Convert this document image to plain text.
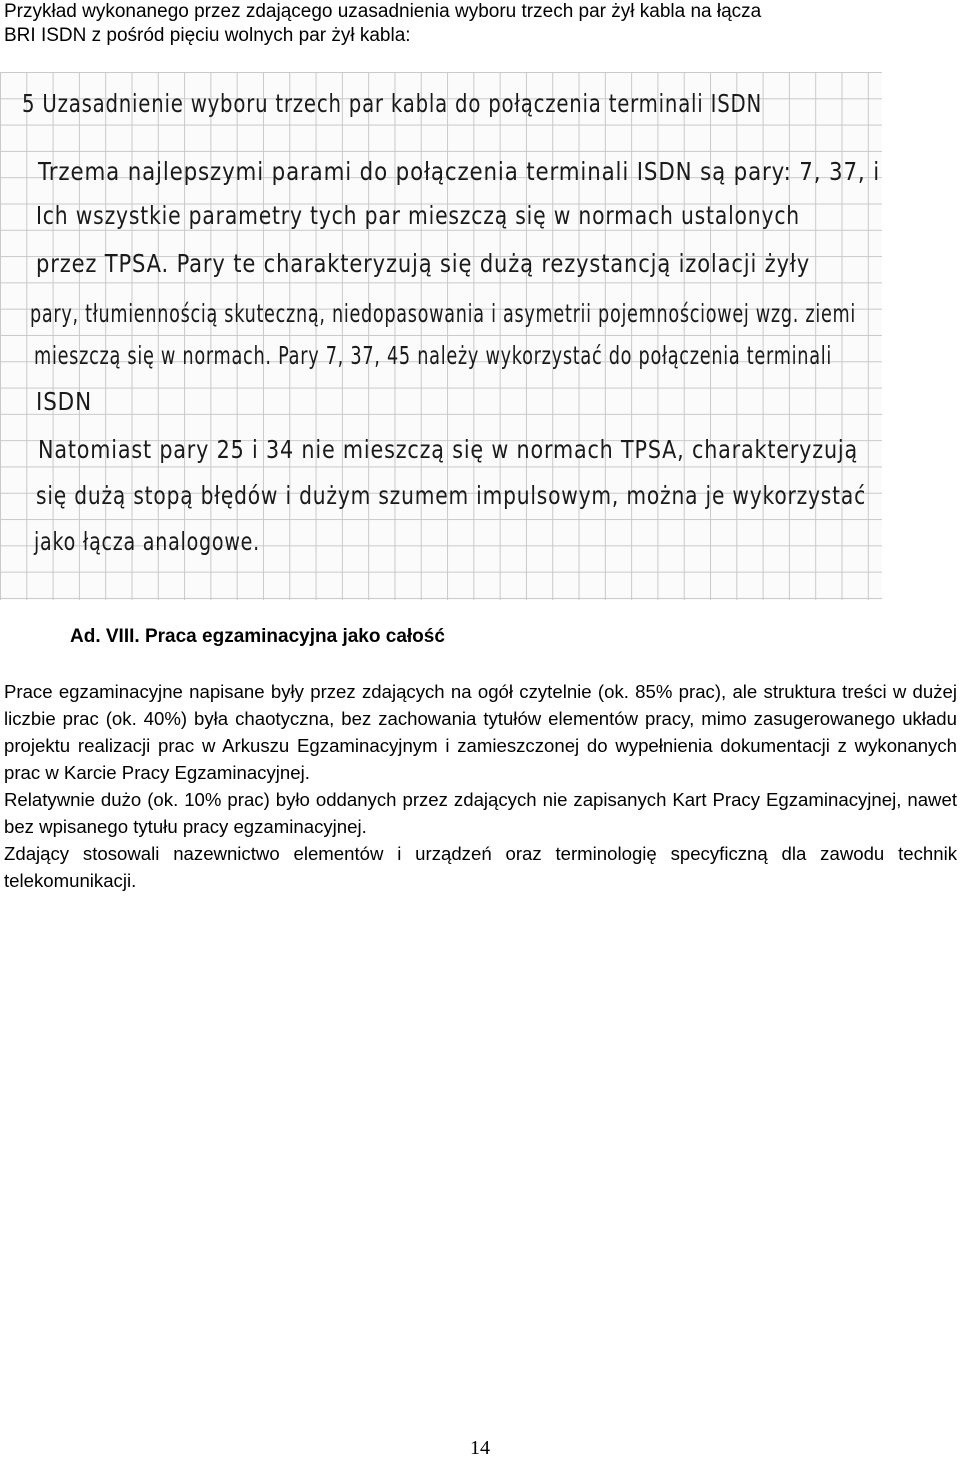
Przykład wykonanego przez zdającego uzasadnienia wyboru trzech par żył kabla na łącza
BRI ISDN z pośród pięciu wolnych par żył kabla:
5 Uzasadnienie wyboru trzech par kabla do połączenia terminali ISDN
Trzema najlepszymi parami do połączenia terminali ISDN są pary: 7, 37, i
Ich wszystkie parametry tych par mieszczą się w normach ustalonych
przez TPSA. Pary te charakteryzują się dużą rezystancją izolacji żyły
pary, tłumiennością skuteczną, niedopasowania i asymetrii pojemnościowej wzg. ziemi
mieszczą się w normach. Pary 7, 37, 45 należy wykorzystać do połączenia terminali
ISDN
Natomiast pary 25 i 34 nie mieszczą się w normach TPSA, charakteryzują
się dużą stopą błędów i dużym szumem impulsowym, można je wykorzystać
jako łącza analogowe.
Ad. VIII. Praca egzaminacyjna jako całość

Prace egzaminacyjne napisane były przez zdających na ogół czytelnie (ok. 85% prac), ale struktura treści w dużej liczbie prac (ok. 40%) była chaotyczna, bez zachowania tytułów elementów pracy, mimo zasugerowanego układu projektu realizacji prac w Arkuszu Egzaminacyjnym i zamieszczonej do wypełnienia dokumentacji z wykonanych prac w Karcie Pracy Egzaminacyjnej.

Relatywnie dużo (ok. 10% prac) było oddanych przez zdających nie zapisanych Kart Pracy Egzaminacyjnej, nawet bez wpisanego tytułu pracy egzaminacyjnej.

Zdający stosowali nazewnictwo elementów i urządzeń oraz terminologię specyficzną dla zawodu technik telekomunikacji.

14
